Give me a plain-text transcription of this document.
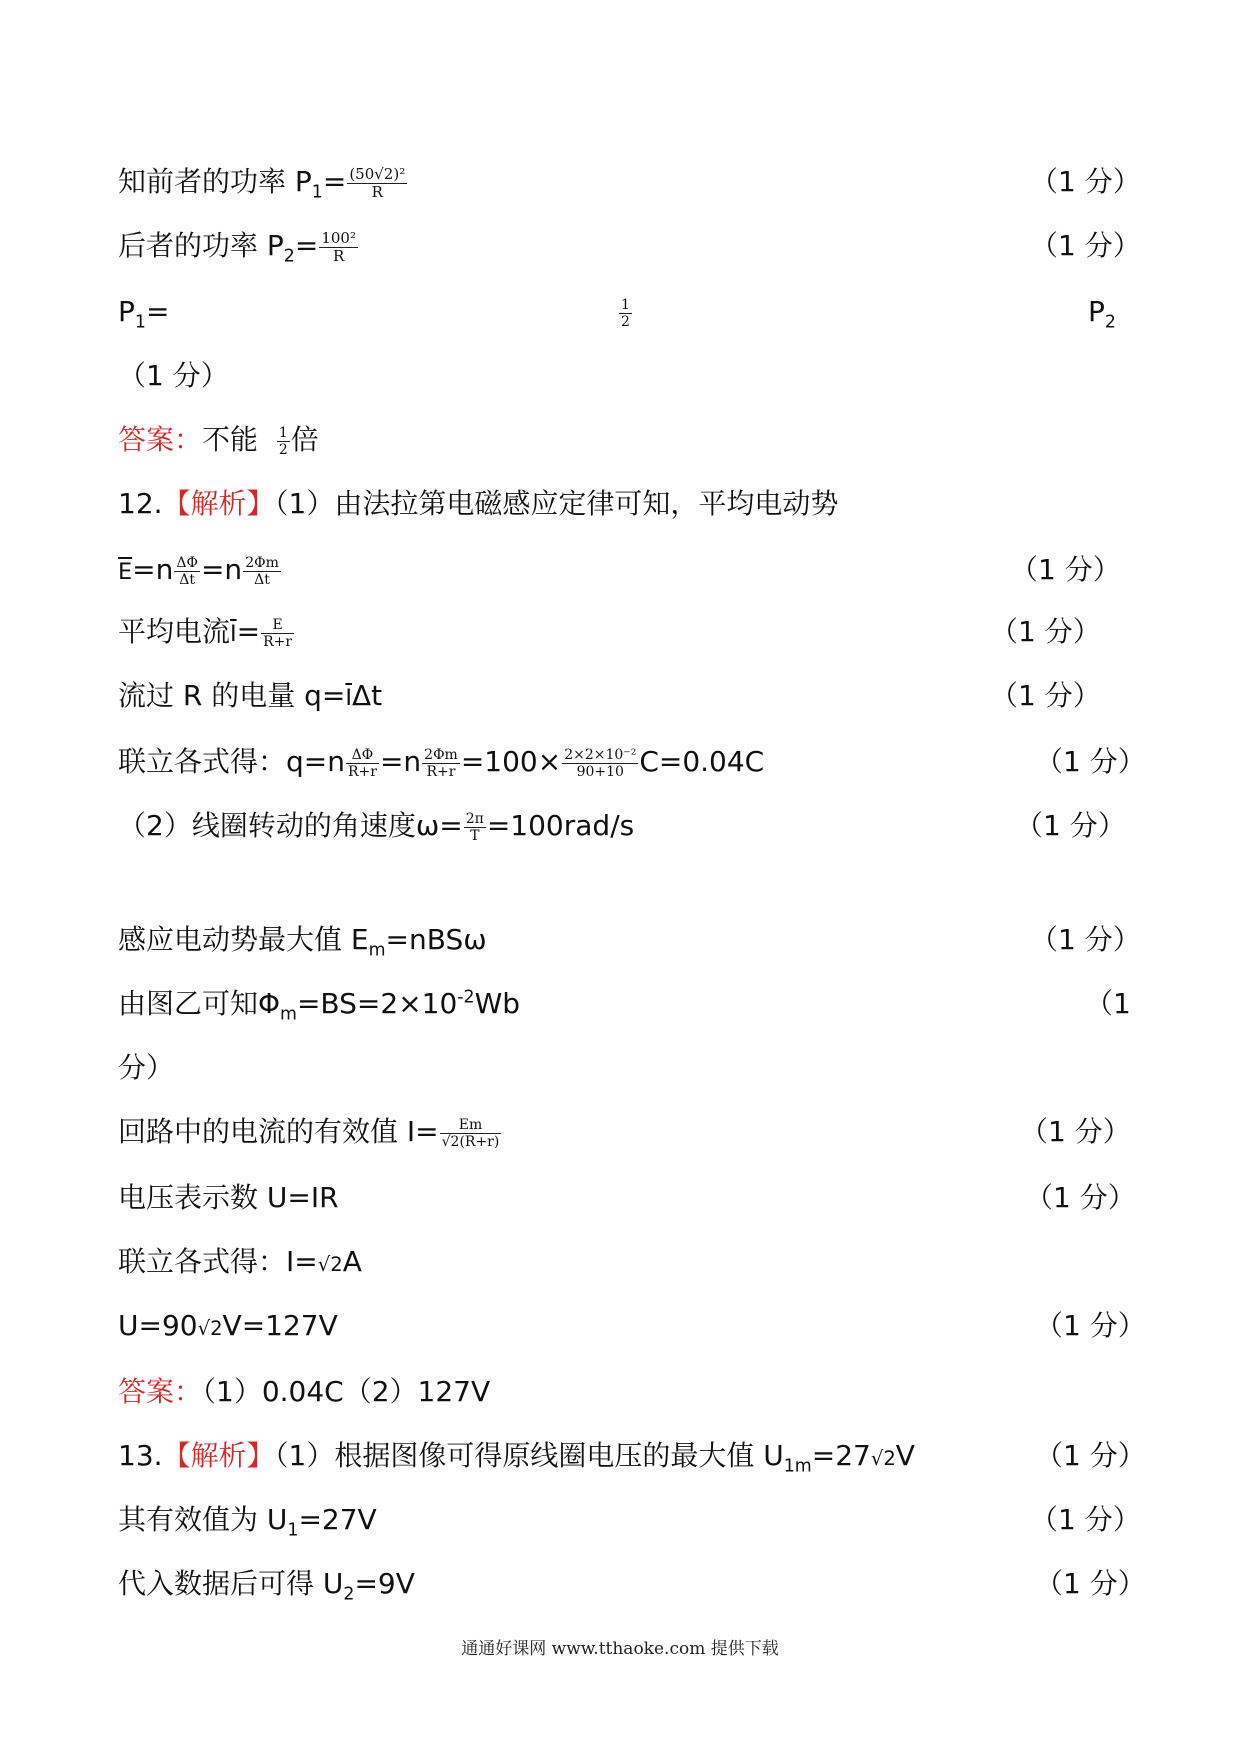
知前者的功率 $P_1= \frac{\text{(50√2)²}}{R}$	（1 分）
后者的功率 $P_2= \frac{\text{100²}}{R}$	（1 分）
$P_1=$	$\frac{1}{2}$	$P_2$
（1 分）
答案：不能 $\frac{1}{2}$ 倍
12.【解析】（1）由法拉第电磁感应定律可知，平均电动势
$\overline{E}=n \frac{\Delta\Phi}{\Delta t} =n \frac{2\Phi m}{\Delta t}$	（1 分）
平均电流$\overline{I}= \frac{E}{R+r}$	（1 分）
流过 R 的电量 $q=\overline{I}\Delta t$	（1 分）
联立各式得：$q=n \frac{\Delta\Phi}{R+r} =n \frac{2\Phi m}{R+r} =100\times \frac{\text{2×2×10⁻²}}{90+10} C=0.04C$	（1 分）
（2）线圈转动的角速度$\omega= \frac{2\pi}{T} =100rad/s$	（1 分）
感应电动势最大值 $E_m=nBS\omega$	（1 分）
由图乙可知$\Phi_m=BS=2\times 10^{-2}Wb$	（1
分）
回路中的电流的有效值 $I= \frac{Em}{√2(R+r)}$	（1 分）
电压表示数 U=IR	（1 分）
联立各式得：I=√2A
U=90√2V=127V	（1 分）
答案：（1）0.04C（2）127V
13.【解析】（1）根据图像可得原线圈电压的最大值 $U_{1m}=27√2V$	（1 分）
其有效值为 $U_1=27V$	（1 分）
代入数据后可得 $U_2=9V$	（1 分）
通通好课网 www.tthaoke.com 提供下载
